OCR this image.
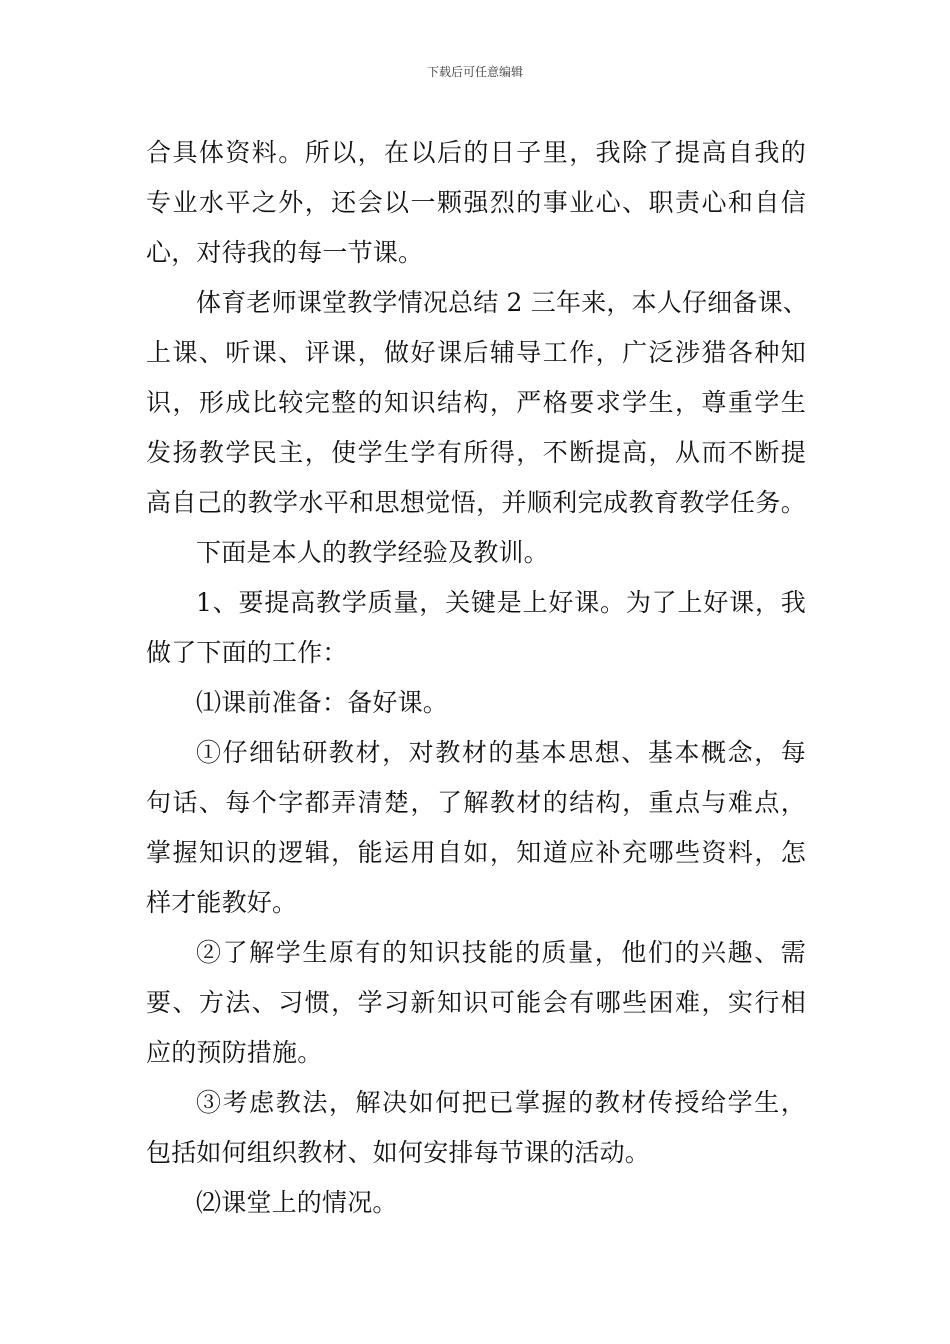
下载后可任意编辑
合具体资料。所以，在以后的日子里，我除了提高自我的
专业水平之外，还会以一颗强烈的事业心、职责心和自信
心，对待我的每一节课。
体育老师课堂教学情况总结 2 三年来，本人仔细备课、
上课、听课、评课，做好课后辅导工作，广泛涉猎各种知
识，形成比较完整的知识结构，严格要求学生，尊重学生
发扬教学民主，使学生学有所得，不断提高，从而不断提
高自己的教学水平和思想觉悟，并顺利完成教育教学任务。
下面是本人的教学经验及教训。
1、要提高教学质量，关键是上好课。为了上好课，我
做了下面的工作：
⑴课前准备：备好课。
①仔细钻研教材，对教材的基本思想、基本概念，每
句话、每个字都弄清楚，了解教材的结构，重点与难点，
掌握知识的逻辑，能运用自如，知道应补充哪些资料，怎
样才能教好。
②了解学生原有的知识技能的质量，他们的兴趣、需
要、方法、习惯，学习新知识可能会有哪些困难，实行相
应的预防措施。
③考虑教法，解决如何把已掌握的教材传授给学生，
包括如何组织教材、如何安排每节课的活动。
⑵课堂上的情况。
